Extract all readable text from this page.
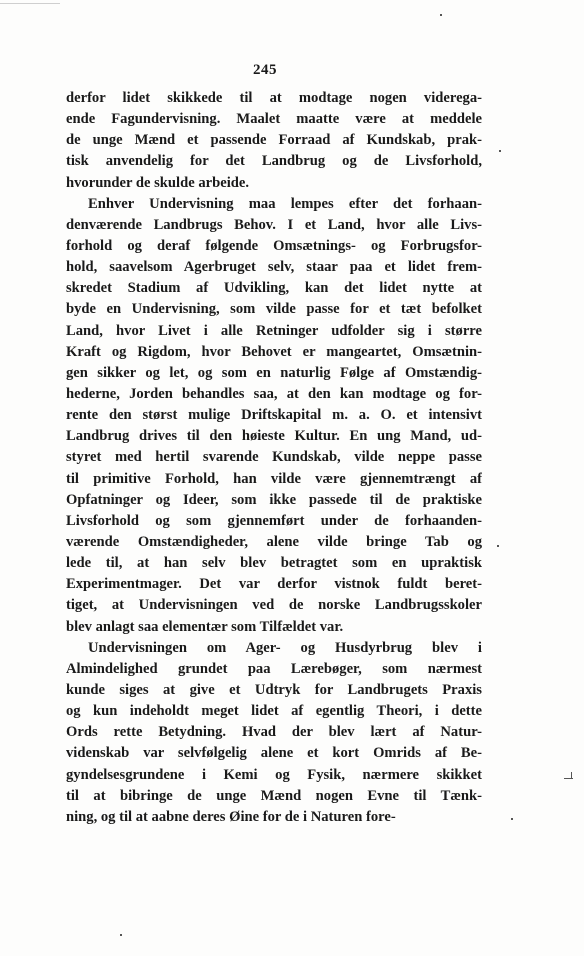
245
derfor lidet skikkede til at modtage nogen viderega-
ende Fagundervisning. Maalet maatte være at meddele
de unge Mænd et passende Forraad af Kundskab, prak-
tisk anvendelig for det Landbrug og de Livsforhold,
hvorunder de skulde arbeide.
Enhver Undervisning maa lempes efter det forhaan-
denværende Landbrugs Behov. I et Land, hvor alle Livs-
forhold og deraf følgende Omsætnings- og Forbrugsfor-
hold, saavelsom Agerbruget selv, staar paa et lidet frem-
skredet Stadium af Udvikling, kan det lidet nytte at
byde en Undervisning, som vilde passe for et tæt befolket
Land, hvor Livet i alle Retninger udfolder sig i større
Kraft og Rigdom, hvor Behovet er mangeartet, Omsætnin-
gen sikker og let, og som en naturlig Følge af Omstændig-
hederne, Jorden behandles saa, at den kan modtage og for-
rente den størst mulige Driftskapital m. a. O. et intensivt
Landbrug drives til den høieste Kultur. En ung Mand, ud-
styret med hertil svarende Kundskab, vilde neppe passe
til primitive Forhold, han vilde være gjennemtrængt af
Opfatninger og Ideer, som ikke passede til de praktiske
Livsforhold og som gjennemført under de forhaanden-
værende Omstændigheder, alene vilde bringe Tab og
lede til, at han selv blev betragtet som en upraktisk
Experimentmager. Det var derfor vistnok fuldt beret-
tiget, at Undervisningen ved de norske Landbrugsskoler
blev anlagt saa elementær som Tilfældet var.
Undervisningen om Ager- og Husdyrbrug blev i
Almindelighed grundet paa Lærebøger, som nærmest
kunde siges at give et Udtryk for Landbrugets Praxis
og kun indeholdt meget lidet af egentlig Theori, i dette
Ords rette Betydning. Hvad der blev lært af Natur-
videnskab var selvfølgelig alene et kort Omrids af Be-
gyndelsesgrundene i Kemi og Fysik, nærmere skikket
til at bibringe de unge Mænd nogen Evne til Tænk-
ning, og til at aabne deres Øine for de i Naturen fore-
